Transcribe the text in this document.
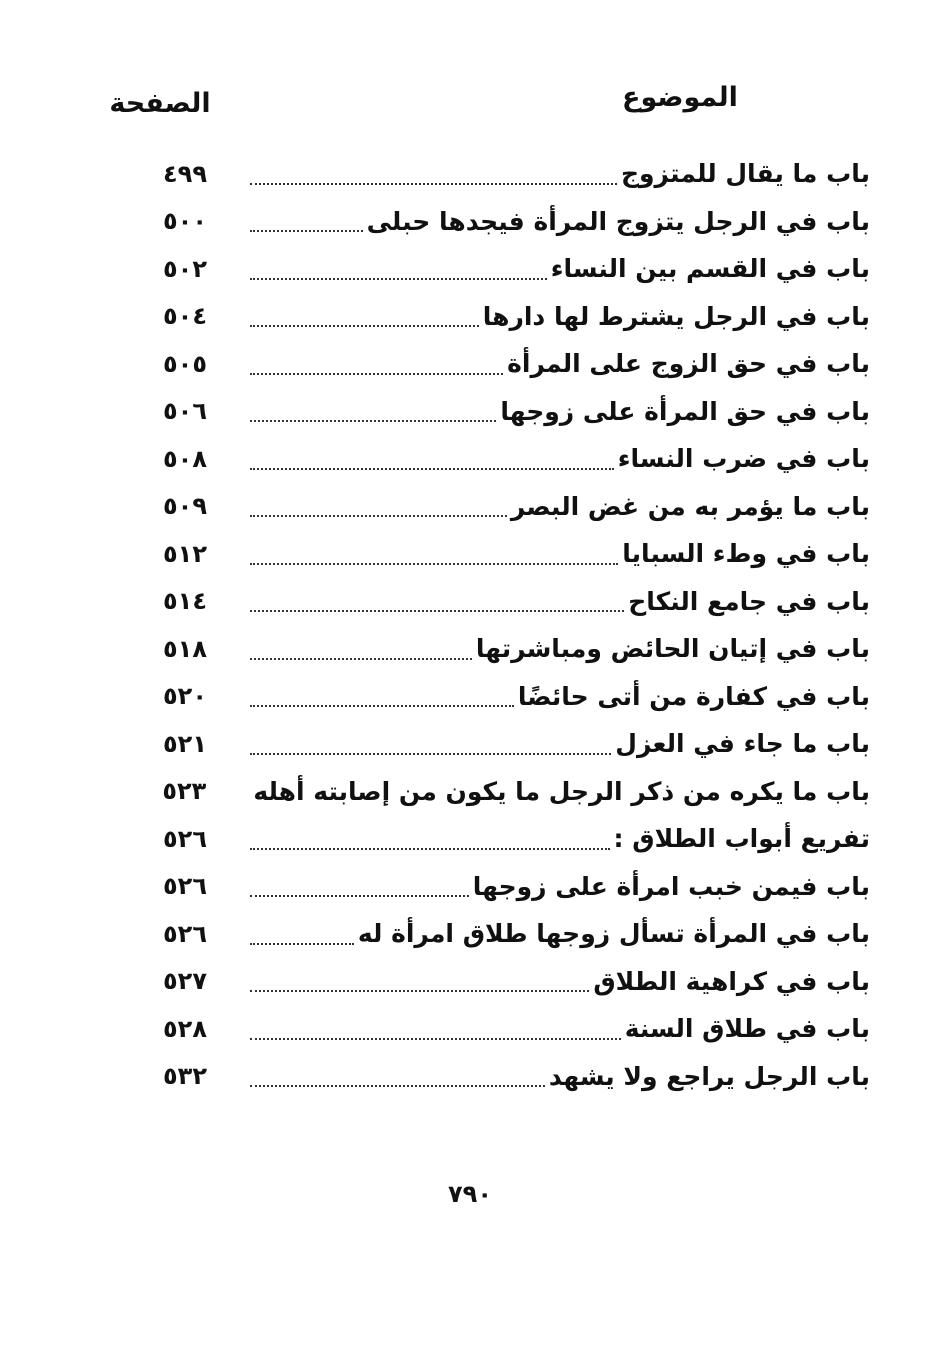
الموضوع
الصفحة
باب ما يقال للمتزوج
٤٩٩
باب في الرجل يتزوج المرأة فيجدها حبلى
٥٠٠
باب في القسم بين النساء
٥٠٢
باب في الرجل يشترط لها دارها
٥٠٤
باب في حق الزوج على المرأة
٥٠٥
باب في حق المرأة على زوجها
٥٠٦
باب في ضرب النساء
٥٠٨
باب ما يؤمر به من غض البصر
٥٠٩
باب في وطء السبايا
٥١٢
باب في جامع النكاح
٥١٤
باب في إتيان الحائض ومباشرتها
٥١٨
باب في كفارة من أتى حائضًا
٥٢٠
باب ما جاء في العزل
٥٢١
باب ما يكره من ذكر الرجل ما يكون من إصابته أهله
٥٢٣
تفريع أبواب الطلاق :
٥٢٦
باب فيمن خبب امرأة على زوجها
٥٢٦
باب في المرأة تسأل زوجها طلاق امرأة له
٥٢٦
باب في كراهية الطلاق
٥٢٧
باب في طلاق السنة
٥٢٨
باب الرجل يراجع ولا يشهد
٥٣٢
٧٩٠
